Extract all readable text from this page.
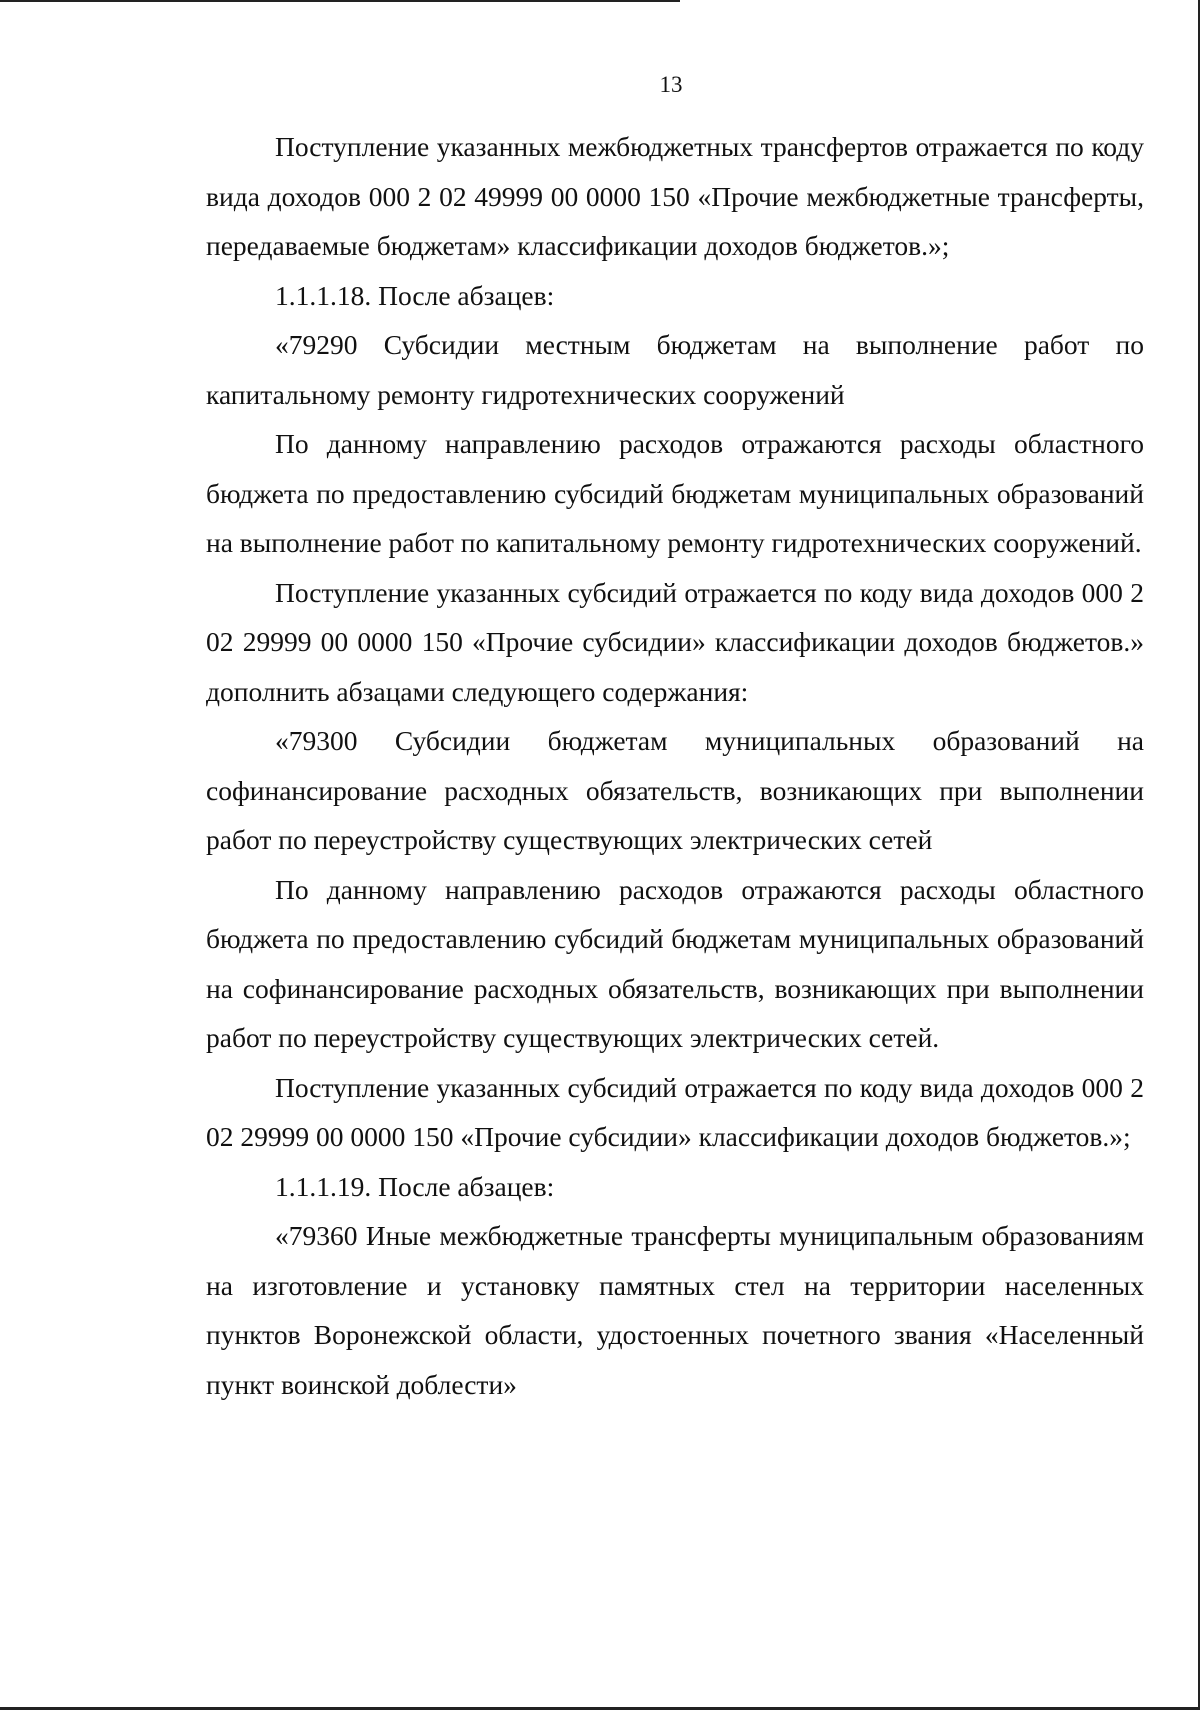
13

Поступление указанных межбюджетных трансфертов отражается по коду вида доходов 000 2 02 49999 00 0000 150 «Прочие межбюджетные трансферты, передаваемые бюджетам» классификации доходов бюджетов.»;

1.1.1.18. После абзацев:

«79290 Субсидии местным бюджетам на выполнение работ по капитальному ремонту гидротехнических сооружений

По данному направлению расходов отражаются расходы областного бюджета по предоставлению субсидий бюджетам муниципальных образований на выполнение работ по капитальному ремонту гидротехнических сооружений.

Поступление указанных субсидий отражается по коду вида доходов 000 2 02 29999 00 0000 150 «Прочие субсидии» классификации доходов бюджетов.» дополнить абзацами следующего содержания:

«79300 Субсидии бюджетам муниципальных образований на софинансирование расходных обязательств, возникающих при выполнении работ по переустройству существующих электрических сетей

По данному направлению расходов отражаются расходы областного бюджета по предоставлению субсидий бюджетам муниципальных образований на софинансирование расходных обязательств, возникающих при выполнении работ по переустройству существующих электрических сетей.

Поступление указанных субсидий отражается по коду вида доходов 000 2 02 29999 00 0000 150 «Прочие субсидии» классификации доходов бюджетов.»;

1.1.1.19. После абзацев:

«79360 Иные межбюджетные трансферты муниципальным образованиям на изготовление и установку памятных стел на территории населенных пунктов Воронежской области, удостоенных почетного звания «Населенный пункт воинской доблести»
